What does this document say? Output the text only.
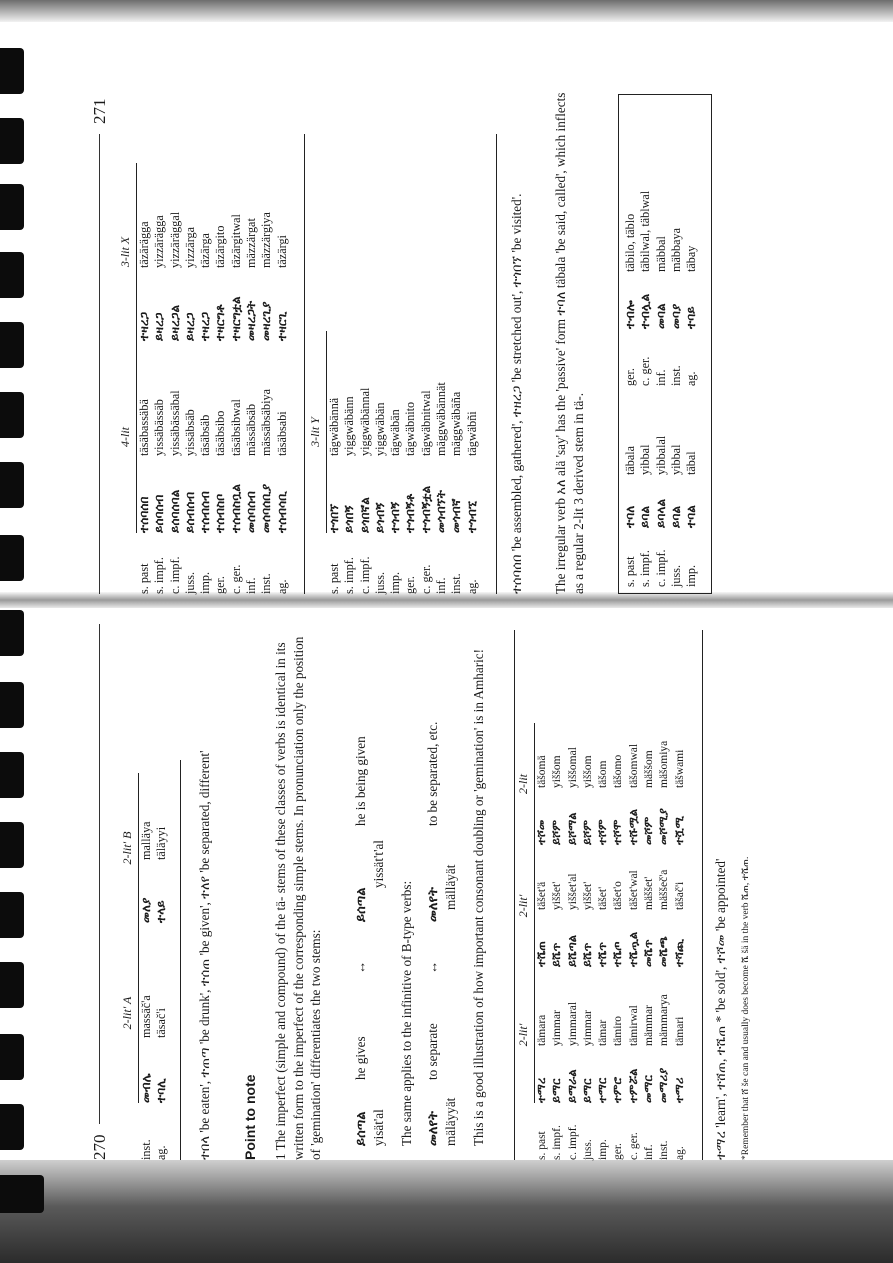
270
	2-lit' A		2-lit' B	
inst.	መብሌ	massäč'a	መለያ	malläya
ag.	ተባሊ	täsač'i	ተላይ	täläyyi ተበላ 'be eaten', ተጠጣ 'be drunk', ተሰጠ 'be given', ተለየ 'be separated, different' Point to note 1 The imperfect (simple and compound) of the tä- stems of these classes of verbs is identical in its written form to the imperfect of the corresponding simple stems. In pronunciation only the position of 'gemination' differentiates the two stems: ይሰጣል yisät'al
he gives
↔
ይሰጣል
yissät't'al
he is being given
The same applies to the infinitive of B-type verbs: መለየት mäläyyät
to separate
↔
መለየት mälläyät
to be separated, etc. This is a good illustration of how important consonant doubling or 'gemination' is in Amharic!
		2-lit'		2-lit'		2-lit	
s. past	ተማረ	tämara	ተሼጠ	täšet'ä	ተሾመ	täšomä
s. impf.	ይማር	yimmar	ይሼጥ	yiššet'	ይሾም	yiššom
c. impf.	ይማራል	yimmaral	ይሼጣል	yiššet'al	ይሾማል	yiššomal
juss.	ይማር	yimmar	ይሼጥ	yiššet'	ይሾም	yiššom
imp.	ተማር	tämar	ተሼጥ	täšet'	ተሾም	täšom
ger.	ተምሮ	tämiro	ተሼጦ	täšet'o	ተሾሞ	täšomo
c. ger.	ተምሯል	tämirwal	ተሼጧል	täšet'wal	ተሹሟል	täšomwal
inf.	መማር	mämmar	መሼጥ	mäššet'	መሾም	mäššom
inst.	መማሪያ	mämmarya	መሼጫ	mäššeč'a	መሾሚያ	mäšomiya
ag.	ተማሪ	tämari	ተሻጪ	täšač'i	ተሿሚ	täšwami
ተማረ 'learn', ተሸጠ, ተሼጠ * 'be sold', ተሾመ 'be appointed'	*Remember that ሸ še can and usually does become ሼ šä in the verb ሼጠ, ተሼጠ.
271
	4-lit		3-lit X	
s. past	ተሰባሰበ	täsäbassäbä	ተዛረጋ	täzärägga
s. impf.	ይሰባሰብ	yissäbässäb	ይዛረጋ	yizzärägga
c. impf.	ይሰባሰባል	yissäbässäbal	ይዛረጋል	yizzäräggal
juss.	ይሰብሰብ	yissäbsäb	ይዛረጋ	yizzärga
imp.	ተሰብሰብ	täsäbsäb	ተዛረጋ	täzärga
ger.	ተሰብስቦ	täsäbsibo	ተዛርግቶ	täzärgito
c. ger.	ተሰብስቧል	täsäbsibwal	ተዛርግቷል	täzärgitwal
inf.	መሰባሰብ	mässäbsäb	መዛረጋት	mäzzärgat
inst.	መሰባሰቢያ	mässäbsäbiya	መዛረጊያ	mäzzärgiya
ag.	ተሰብሳቢ	täsäbsabi	ተዛርጊ	täzärgi
	3-lit Y	
s. past	ተጎበኘ	tägwäbännä
s. impf.	ይጎበኝ	yiggwäbänn
c. impf.	ይጎበኛል	yiggwäbännal
juss.	ይጎብኝ	yiggwäbän
imp.	ተጎብኝ	tägwäbän
ger.	ተጎብኝቶ	tägwäbnito
c. ger.	ተጎብኝቷል	tägwäbnitwal
inf.	መጎብኘት	mäggwäbännät
inst.	መጎብኛ	mäggwäbäña
ag.	ተጎብኚ	tägwäbñi ተሰባሰበ 'be assembled, gathered', ተዘረጋ 'be stretched out', ተጎበኘ 'be visited'. The irregular verb አለ alä 'say' has the 'passive' form ተባለ täbala 'be said, called', which inflects as a regular 2-lit 3 derived stem in tä-.	s. past	ተባለ	täbala	ger.	ተብሎ	täbilo, täblo
s. impf.	ይባል	yibbal	c. ger.	ተብሏል	täbilwal, täblwal
c. impf.	ይባላል	yibbalal	inf.	መባል	mäbbal
juss.	ይባል	yibbal	inst.	መባያ	mäbbaya
imp.	ተባል	täbal	ag.	ተባይ	täbay
